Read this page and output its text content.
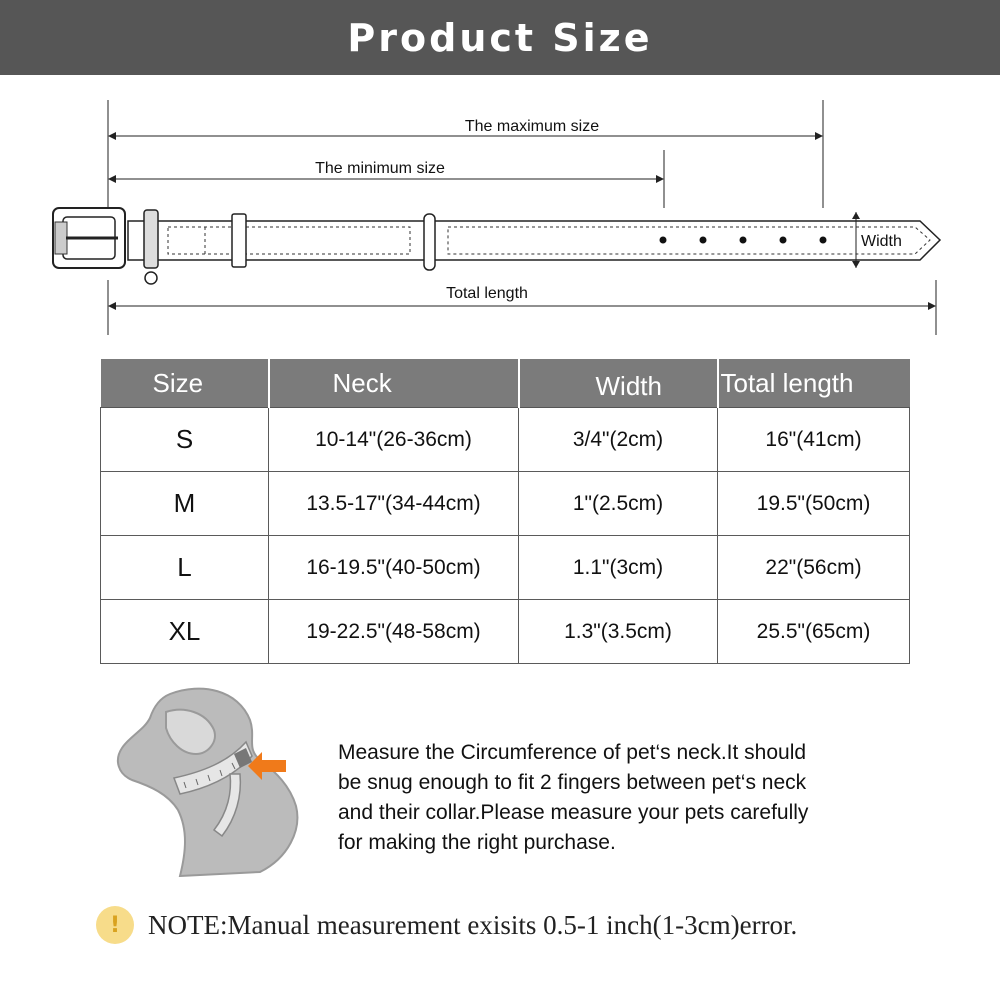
Product Size
The maximum size
The minimum size
Width
Total length
Size	Neck	Width	Total length
S	10-14"(26-36cm)	3/4"(2cm)	16"(41cm)
M	13.5-17"(34-44cm)	1"(2.5cm)	19.5"(50cm)
L	16-19.5"(40-50cm)	1.1"(3cm)	22"(56cm)
XL	19-22.5"(48-58cm)	1.3"(3.5cm)	25.5"(65cm)

Measure the Circumference of pet‘s neck.It should
be snug enough to fit 2 fingers between pet‘s neck
and their collar.Please measure your pets carefully
for making the right purchase.

!	NOTE:Manual measurement exisits 0.5-1 inch(1-3cm)error.
